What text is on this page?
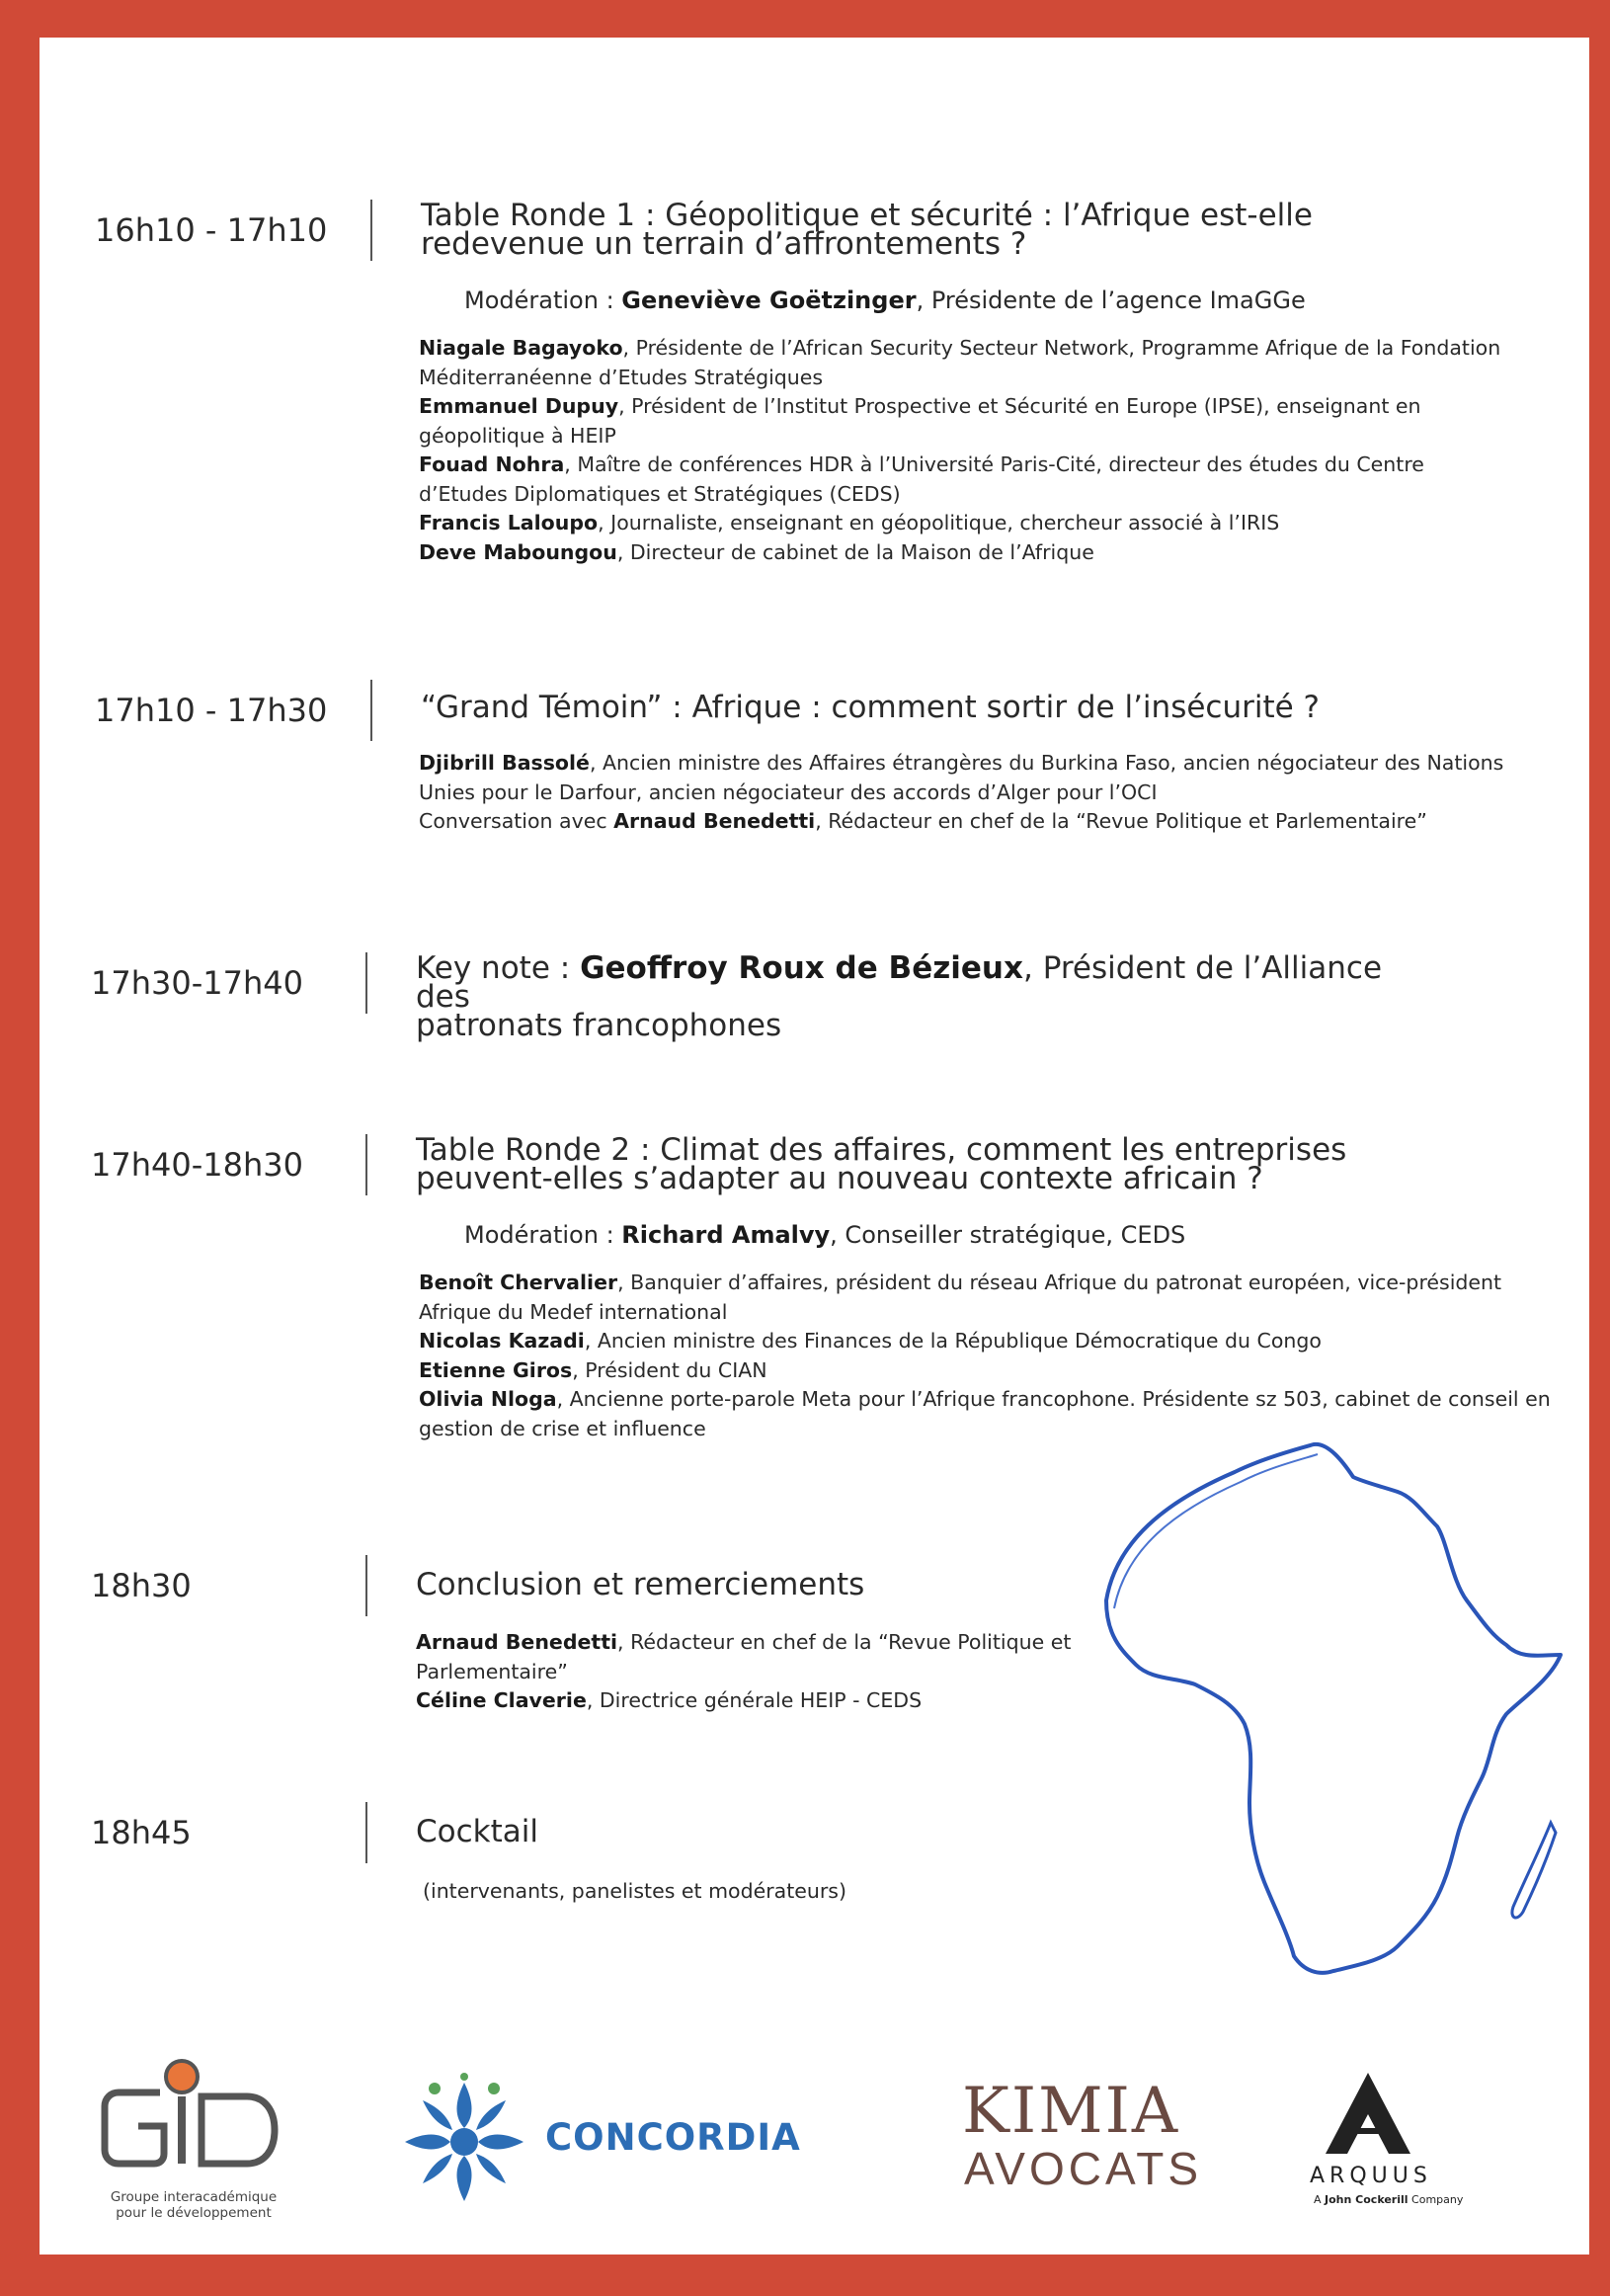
16h10 - 17h10	Table Ronde 1 : Géopolitique et sécurité : l’Afrique est-elle
redevenue un terrain d’affrontements ?
Modération : Geneviève Goëtzinger, Présidente de l’agence ImaGGe
Niagale Bagayoko, Présidente de l’African Security Secteur Network, Programme Afrique de la Fondation
Méditerranéenne d’Etudes Stratégiques
Emmanuel Dupuy, Président de l’Institut Prospective et Sécurité en Europe (IPSE), enseignant en
géopolitique à HEIP
Fouad Nohra, Maître de conférences HDR à l’Université Paris-Cité, directeur des études du Centre
d’Etudes Diplomatiques et Stratégiques (CEDS)
Francis Laloupo, Journaliste, enseignant en géopolitique, chercheur associé à l’IRIS
Deve Maboungou, Directeur de cabinet de la Maison de l’Afrique
17h10 - 17h30	“Grand Témoin” : Afrique : comment sortir de l’insécurité ?
Djibrill Bassolé, Ancien ministre des Affaires étrangères du Burkina Faso, ancien négociateur des Nations
Unies pour le Darfour, ancien négociateur des accords d’Alger pour l’OCI
Conversation avec Arnaud Benedetti, Rédacteur en chef de la “Revue Politique et Parlementaire”
17h30-17h40	Key note : Geoffroy Roux de Bézieux, Président de l’Alliance des
patronats francophones
17h40-18h30	Table Ronde 2 : Climat des affaires, comment les entreprises
peuvent-elles s’adapter au nouveau contexte africain ?
Modération : Richard Amalvy, Conseiller stratégique, CEDS
Benoît Chervalier, Banquier d’affaires, président du réseau Afrique du patronat européen, vice-président
Afrique du Medef international
Nicolas Kazadi, Ancien ministre des Finances de la République Démocratique du Congo
Etienne Giros, Président du CIAN
Olivia Nloga, Ancienne porte-parole Meta pour l’Afrique francophone. Présidente sz 503, cabinet de conseil en
gestion de crise et influence
18h30	Conclusion et remerciements
Arnaud Benedetti, Rédacteur en chef de la “Revue Politique et
Parlementaire”
Céline Claverie, Directrice générale HEIP - CEDS
18h45	Cocktail
(intervenants, panelistes et modérateurs)
Groupe interacadémique
pour le développement
CONCORDIA	KIMIA
AVOCATS	ARQUUS
A John Cockerill Company
